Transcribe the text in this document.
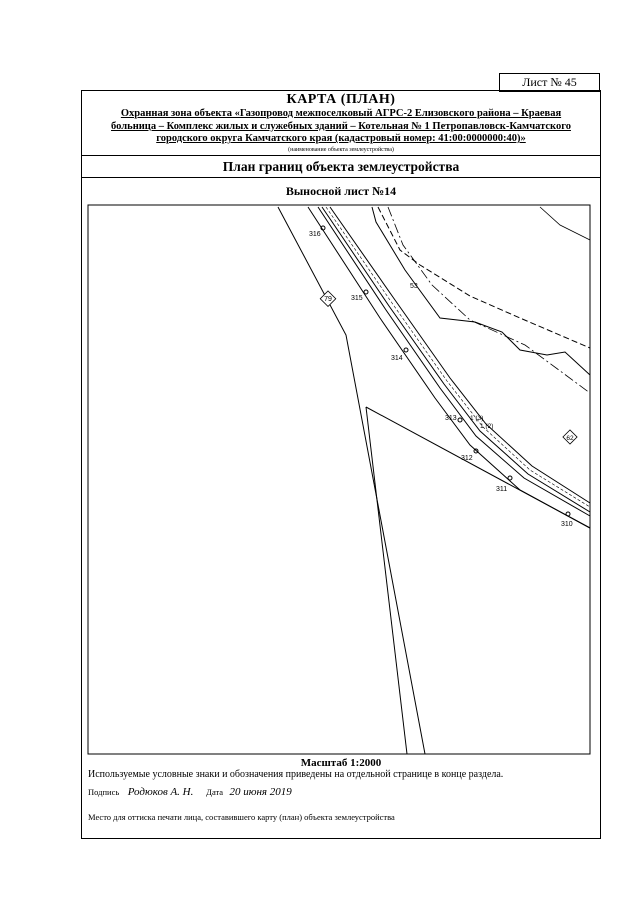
Лист № 45
КАРТА (ПЛАН)
Охранная зона объекта «Газопровод межпоселковый АГРС-2 Елизовского района – Краевая
больница – Комплекс жилых и служебных зданий – Котельная № 1 Петропавловск-Камчатского
городского округа Камчатского края (кадастровый номер: 41:00:0000000:40)»
(наименование объекта землеустройства)
План границ объекта землеустройства
Выносной лист №14
316
315
314
313
312
311
310
79
53
62
1 (3)
1 (2)
Масштаб 1:2000
Используемые условные знаки и обозначения приведены на отдельной странице в конце раздела.
Подпись Родюков А. Н. Дата 20 июня 2019
Место для оттиска печати лица, составившего карту (план) объекта землеустройства
